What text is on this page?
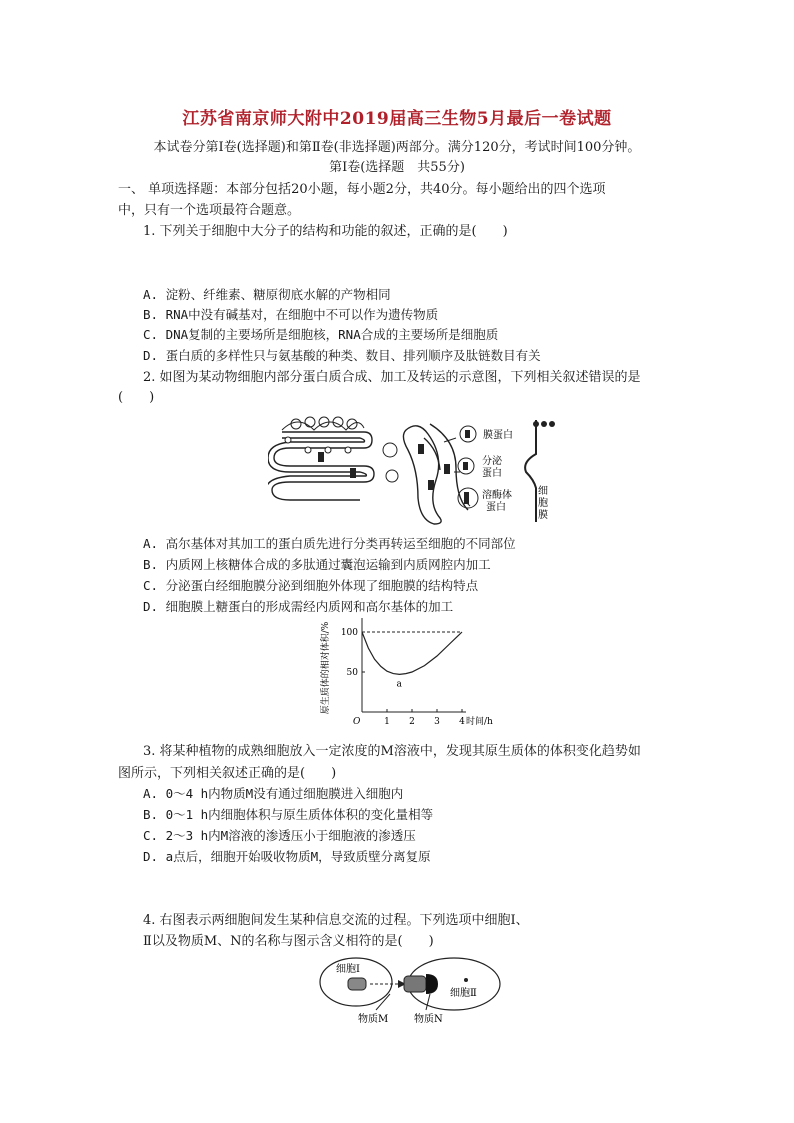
江苏省南京师大附中2019届高三生物5月最后一卷试题
本试卷分第Ⅰ卷(选择题)和第Ⅱ卷(非选择题)两部分。满分120分，考试时间100分钟。
第Ⅰ卷(选择题　共55分)
一、 单项选择题：本部分包括20小题，每小题2分，共40分。每小题给出的四个选项
中，只有一个选项最符合题意。
1. 下列关于细胞中大分子的结构和功能的叙述，正确的是(　　)
A. 淀粉、纤维素、糖原彻底水解的产物相同
B. RNA中没有碱基对，在细胞中不可以作为遗传物质
C. DNA复制的主要场所是细胞核，RNA合成的主要场所是细胞质
D. 蛋白质的多样性只与氨基酸的种类、数目、排列顺序及肽链数目有关
2. 如图为某动物细胞内部分蛋白质合成、加工及转运的示意图，下列相关叙述错误的是
(　　)
膜蛋白
分泌
蛋白
溶酶体
蛋白
细
胞
膜
A. 高尔基体对其加工的蛋白质先进行分类再转运至细胞的不同部位
B. 内质网上核糖体合成的多肽通过囊泡运输到内质网腔内加工
C. 分泌蛋白经细胞膜分泌到细胞外体现了细胞膜的结构特点
D. 细胞膜上糖蛋白的形成需经内质网和高尔基体的加工
原生质体的相对体积/%
O	1 2 3 4 时间/h
50
100
a
3. 将某种植物的成熟细胞放入一定浓度的M溶液中，发现其原生质体的体积变化趋势如
图所示，下列相关叙述正确的是(　　)
A. 0～4 h内物质M没有通过细胞膜进入细胞内
B. 0～1 h内细胞体积与原生质体体积的变化量相等
C. 2～3 h内M溶液的渗透压小于细胞液的渗透压
D. a点后，细胞开始吸收物质M，导致质壁分离复原
4. 右图表示两细胞间发生某种信息交流的过程。下列选项中细胞Ⅰ、
Ⅱ以及物质M、N的名称与图示含义相符的是(　　)
细胞Ⅰ
细胞Ⅱ
物质M	物质N
